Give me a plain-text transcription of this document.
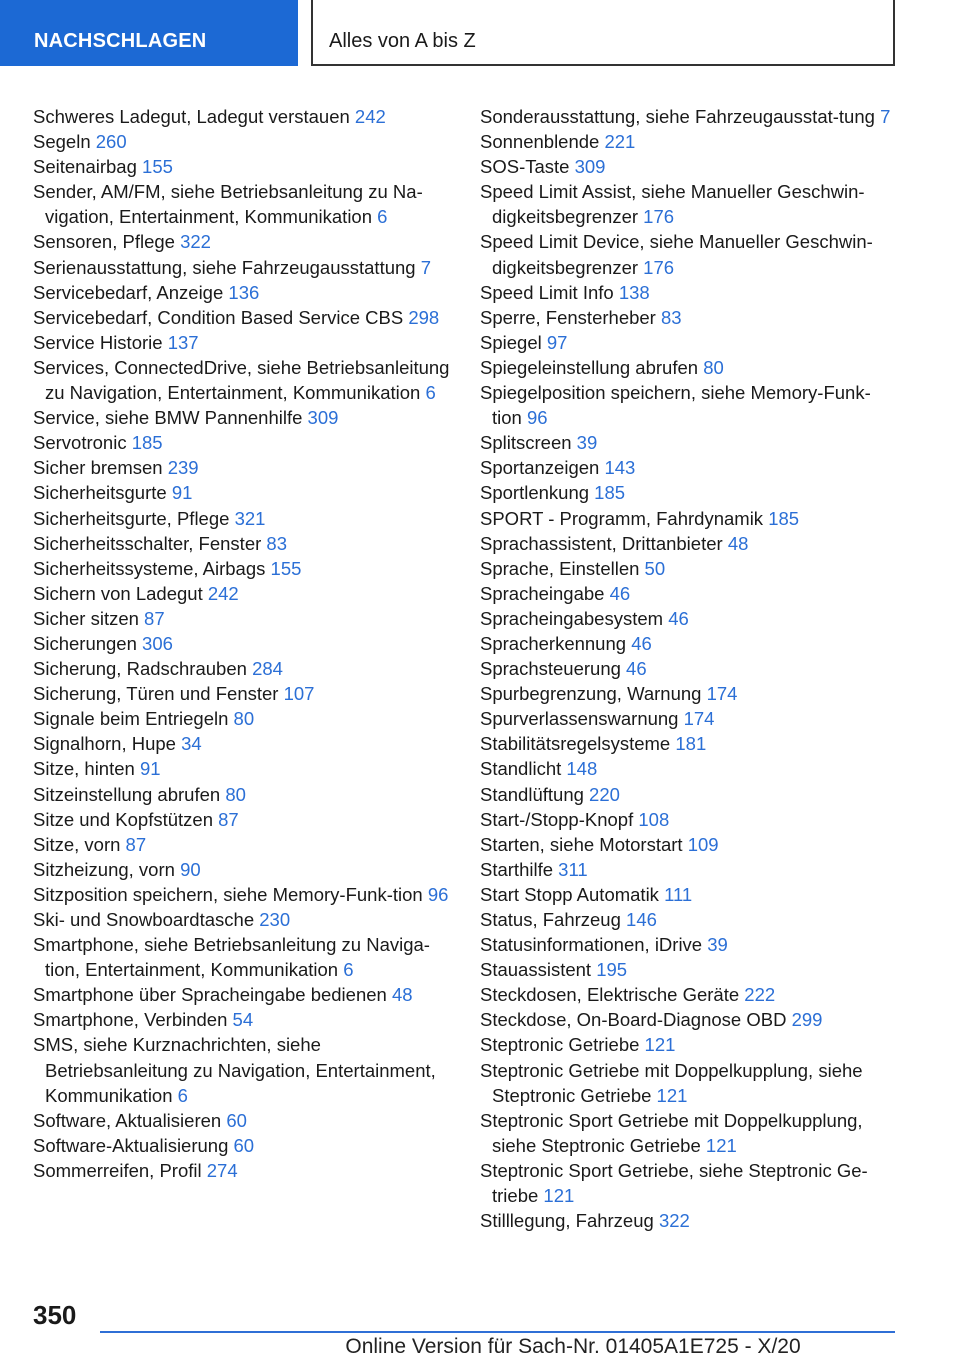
NACHSCHLAGEN	Alles von A bis Z
Schweres Ladegut, Ladegut verstauen 242
Segeln 260
Seitenairbag 155
Sender, AM/FM, siehe Betriebsanleitung zu Na-vigation, Entertainment, Kommunikation 6
Sensoren, Pflege 322
Serienausstattung, siehe Fahrzeugausstattung 7
Servicebedarf, Anzeige 136
Servicebedarf, Condition Based Service CBS 298
Service Historie 137
Services, ConnectedDrive, siehe Betriebsanleitung zu Navigation, Entertainment, Kommunikation 6
Service, siehe BMW Pannenhilfe 309
Servotronic 185
Sicher bremsen 239
Sicherheitsgurte 91
Sicherheitsgurte, Pflege 321
Sicherheitsschalter, Fenster 83
Sicherheitssysteme, Airbags 155
Sichern von Ladegut 242
Sicher sitzen 87
Sicherungen 306
Sicherung, Radschrauben 284
Sicherung, Türen und Fenster 107
Signale beim Entriegeln 80
Signalhorn, Hupe 34
Sitze, hinten 91
Sitzeinstellung abrufen 80
Sitze und Kopfstützen 87
Sitze, vorn 87
Sitzheizung, vorn 90
Sitzposition speichern, siehe Memory-Funk-tion 96
Ski- und Snowboardtasche 230
Smartphone, siehe Betriebsanleitung zu Naviga-tion, Entertainment, Kommunikation 6
Smartphone über Spracheingabe bedienen 48
Smartphone, Verbinden 54
SMS, siehe Kurznachrichten, siehe Betriebsanleitung zu Navigation, Entertainment, Kommunikation 6
Software, Aktualisieren 60
Software-Aktualisierung 60
Sommerreifen, Profil 274
Sonderausstattung, siehe Fahrzeugausstat-tung 7
Sonnenblende 221
SOS-Taste 309
Speed Limit Assist, siehe Manueller Geschwin-digkeitsbegrenzer 176
Speed Limit Device, siehe Manueller Geschwin-digkeitsbegrenzer 176
Speed Limit Info 138
Sperre, Fensterheber 83
Spiegel 97
Spiegeleinstellung abrufen 80
Spiegelposition speichern, siehe Memory-Funk-tion 96
Splitscreen 39
Sportanzeigen 143
Sportlenkung 185
SPORT - Programm, Fahrdynamik 185
Sprachassistent, Drittanbieter 48
Sprache, Einstellen 50
Spracheingabe 46
Spracheingabesystem 46
Spracherkennung 46
Sprachsteuerung 46
Spurbegrenzung, Warnung 174
Spurverlassenswarnung 174
Stabilitätsregelsysteme 181
Standlicht 148
Standlüftung 220
Start-/Stopp-Knopf 108
Starten, siehe Motorstart 109
Starthilfe 311
Start Stopp Automatik 111
Status, Fahrzeug 146
Statusinformationen, iDrive 39
Stauassistent 195
Steckdosen, Elektrische Geräte 222
Steckdose, On-Board-Diagnose OBD 299
Steptronic Getriebe 121
Steptronic Getriebe mit Doppelkupplung, siehe Steptronic Getriebe 121
Steptronic Sport Getriebe mit Doppelkupplung, siehe Steptronic Getriebe 121
Steptronic Sport Getriebe, siehe Steptronic Ge-triebe 121
Stilllegung, Fahrzeug 322
350
Online Version für Sach-Nr. 01405A1E725 - X/20
